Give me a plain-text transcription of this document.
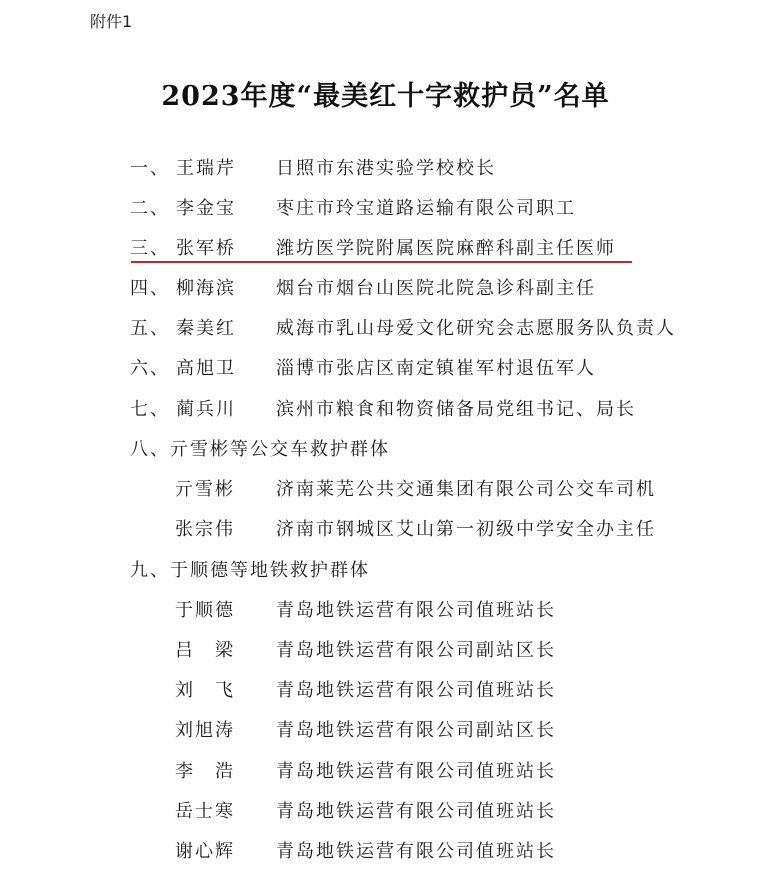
附件1
2023年度“最美红十字救护员”名单
一、 王瑞芹	日照市东港实验学校校长
二、 李金宝	枣庄市玲宝道路运输有限公司职工
三、 张军桥	潍坊医学院附属医院麻醉科副主任医师
四、 柳海滨	烟台市烟台山医院北院急诊科副主任
五、 秦美红	威海市乳山母爱文化研究会志愿服务队负责人
六、 高旭卫	淄博市张店区南定镇崔军村退伍军人
七、 蔺兵川	滨州市粮食和物资储备局党组书记、局长
八、亓雪彬等公交车救护群体
亓雪彬	济南莱芜公共交通集团有限公司公交车司机
张宗伟	济南市钢城区艾山第一初级中学安全办主任
九、于顺德等地铁救护群体
于顺德	青岛地铁运营有限公司值班站长
吕 梁	青岛地铁运营有限公司副站区长
刘 飞	青岛地铁运营有限公司值班站长
刘旭涛	青岛地铁运营有限公司副站区长
李 浩	青岛地铁运营有限公司值班站长
岳士寒	青岛地铁运营有限公司值班站长
谢心辉	青岛地铁运营有限公司值班站长
